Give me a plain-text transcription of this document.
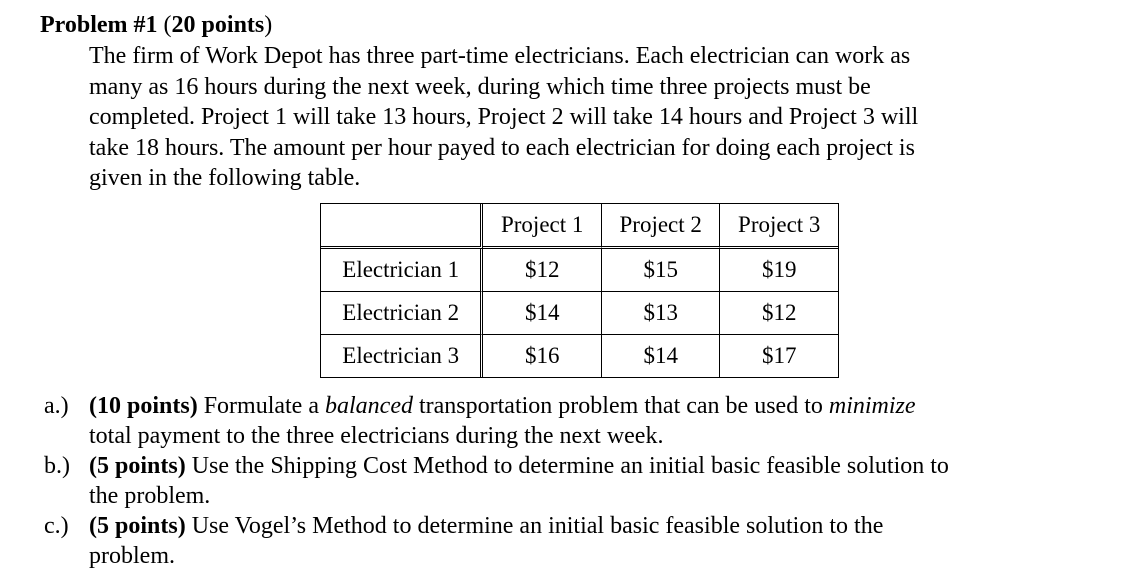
Problem #1 (20 points)
The firm of Work Depot has three part-time electricians. Each electrician can work as
many as 16 hours during the next week, during which time three projects must be
completed. Project 1 will take 13 hours, Project 2 will take 14 hours and Project 3 will
take 18 hours. The amount per hour payed to each electrician for doing each project is
given in the following table.
	Project 1	Project 2	Project 3
Electrician 1	$12	$15	$19
Electrician 2	$14	$13	$12
Electrician 3	$16	$14	$17
a.) (10 points) Formulate a balanced transportation problem that can be used to minimize
total payment to the three electricians during the next week.
b.) (5 points) Use the Shipping Cost Method to determine an initial basic feasible solution to
the problem.
c.) (5 points) Use Vogel’s Method to determine an initial basic feasible solution to the
problem.
